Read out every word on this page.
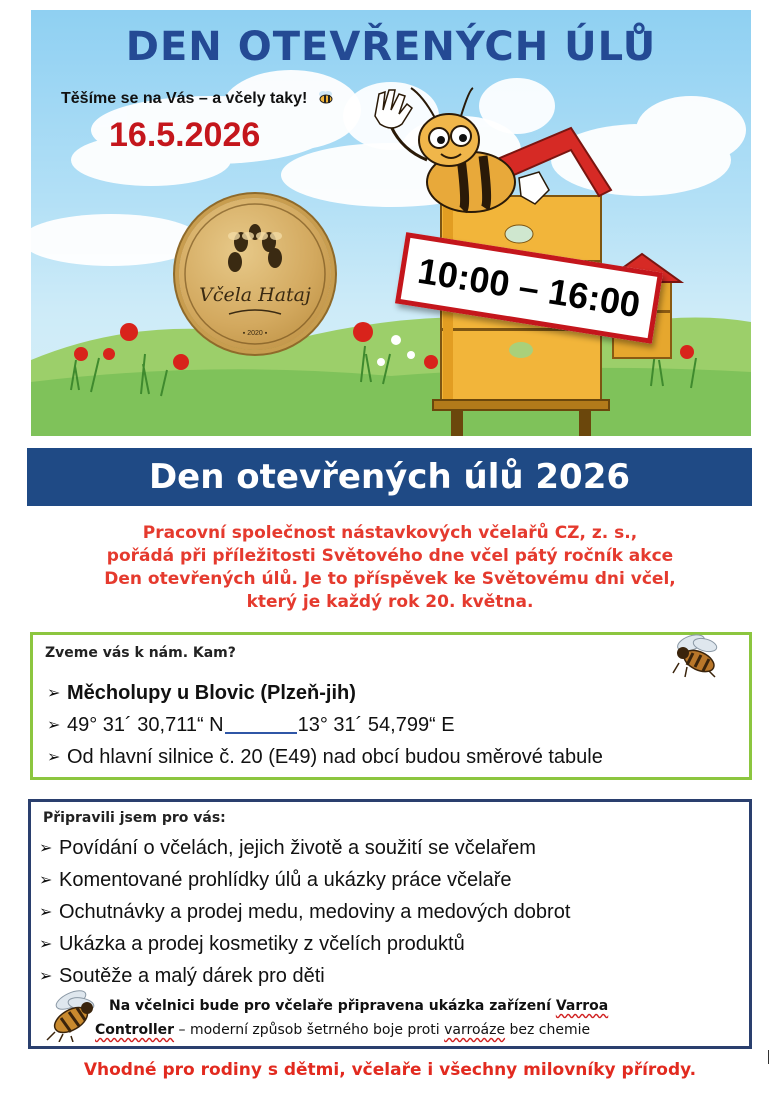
DEN OTEVŘENÝCH ÚLŮ
Těšíme se na Vás – a včely taky!
16.5.2026
Včela Hataj
▪ 2020 ▪
10:00 – 16:00
Den otevřených úlů 2026
Pracovní společnost nástavkových včelařů CZ, z. s.,
pořádá při příležitosti Světového dne včel pátý ročník akce
Den otevřených úlů. Je to příspěvek ke Světovému dni včel,
který je každý rok 20. května.
Zveme vás k nám. Kam?
➢ Měcholupy u Blovic (Plzeň-jih)
➢ 49° 31´ 30,711“ N	13° 31´ 54,799“ E
➢ Od hlavní silnice č. 20 (E49) nad obcí budou směrové tabule
Připravili jsem pro vás:
➢ Povídání o včelách, jejich životě a soužití se včelařem
➢ Komentované prohlídky úlů a ukázky práce včelaře
➢ Ochutnávky a prodej medu, medoviny a medových dobrot
➢ Ukázka a prodej kosmetiky z včelích produktů
➢ Soutěže a malý dárek pro děti
Na včelnici bude pro včelaře připravena ukázka zařízení Varroa
Controller – moderní způsob šetrného boje proti varroáze bez chemie
Vhodné pro rodiny s dětmi, včelaře i všechny milovníky přírody.
